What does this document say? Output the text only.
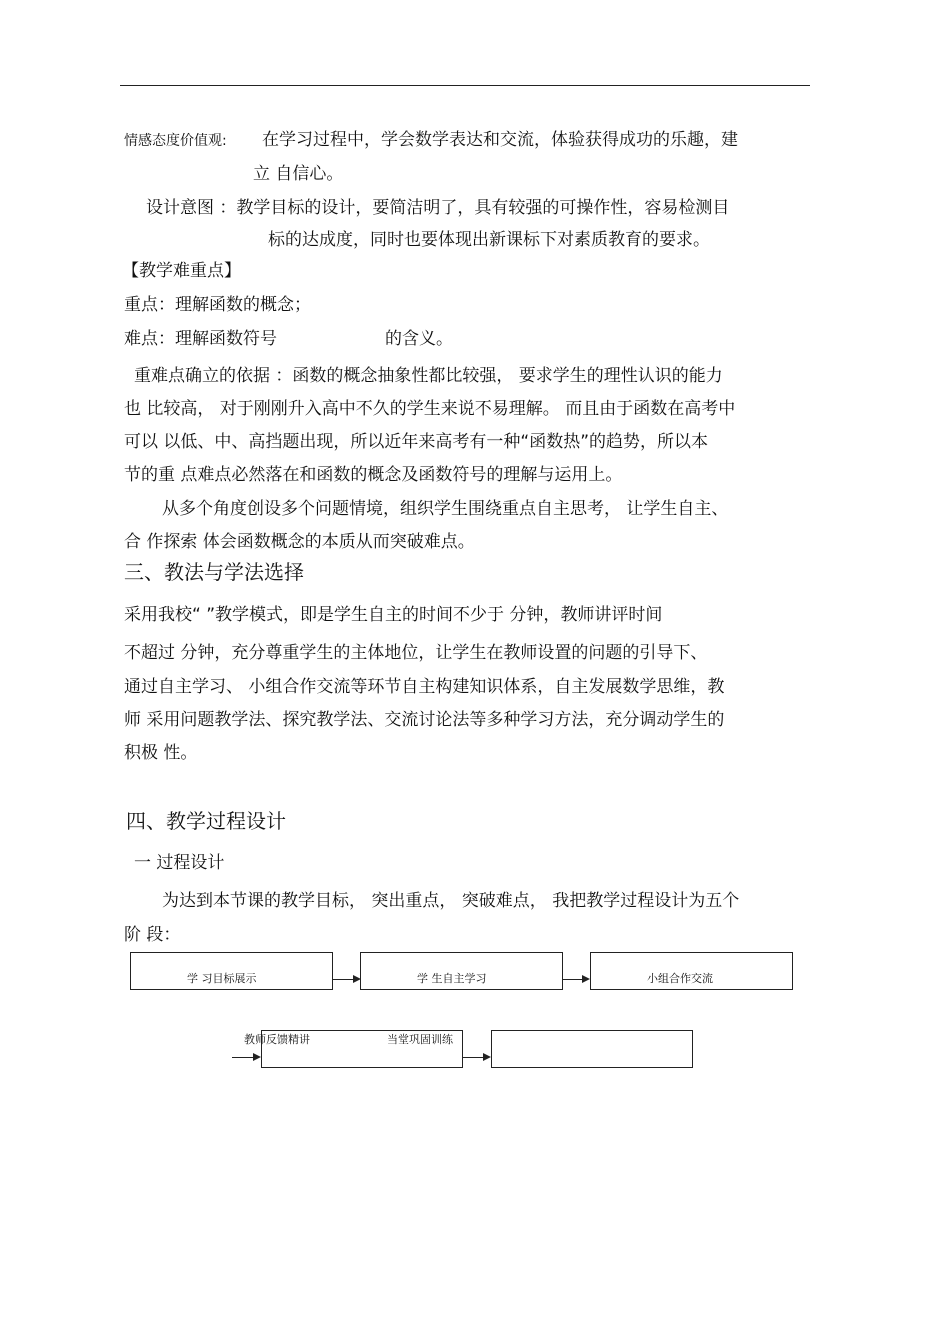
情感态度价值观: 在学习过程中，学会数学表达和交流，体验获得成功的乐趣，建
立 自信心。
设计意图 ：教学目标的设计，要简洁明了，具有较强的可操作性，容易检测目
标的达成度，同时也要体现出新课标下对素质教育的要求。
【教学难重点】
重点：理解函数的概念；
难点：理解函数符号	的含义。
重难点确立的依据 ：函数的概念抽象性都比较强， 要求学生的理性认识的能力
也 比较高， 对于刚刚升入高中不久的学生来说不易理解。 而且由于函数在高考中
可以 以低、中、高挡题出现，所以近年来高考有一种“函数热”的趋势，所以本
节的重 点难点必然落在和函数的概念及函数符号的理解与运用上。
从多个角度创设多个问题情境，组织学生围绕重点自主思考， 让学生自主、
合 作探索 体会函数概念的本质从而突破难点。
三、教法与学法选择
采用我校“ ”教学模式，即是学生自主的时间不少于 分钟，教师讲评时间
不超过 分钟，充分尊重学生的主体地位，让学生在教师设置的问题的引导下、
通过自主学习、 小组合作交流等环节自主构建知识体系，自主发展数学思维，教
师 采用问题教学法、探究教学法、交流讨论法等多种学习方法，充分调动学生的
积极 性。
四、教学过程设计
一 过程设计
为达到本节课的教学目标， 突出重点， 突破难点， 我把教学过程设计为五个
阶 段：
学 习目标展示	学 生自主学习	小组合作交流
教师反馈精讲	当堂巩固训练
